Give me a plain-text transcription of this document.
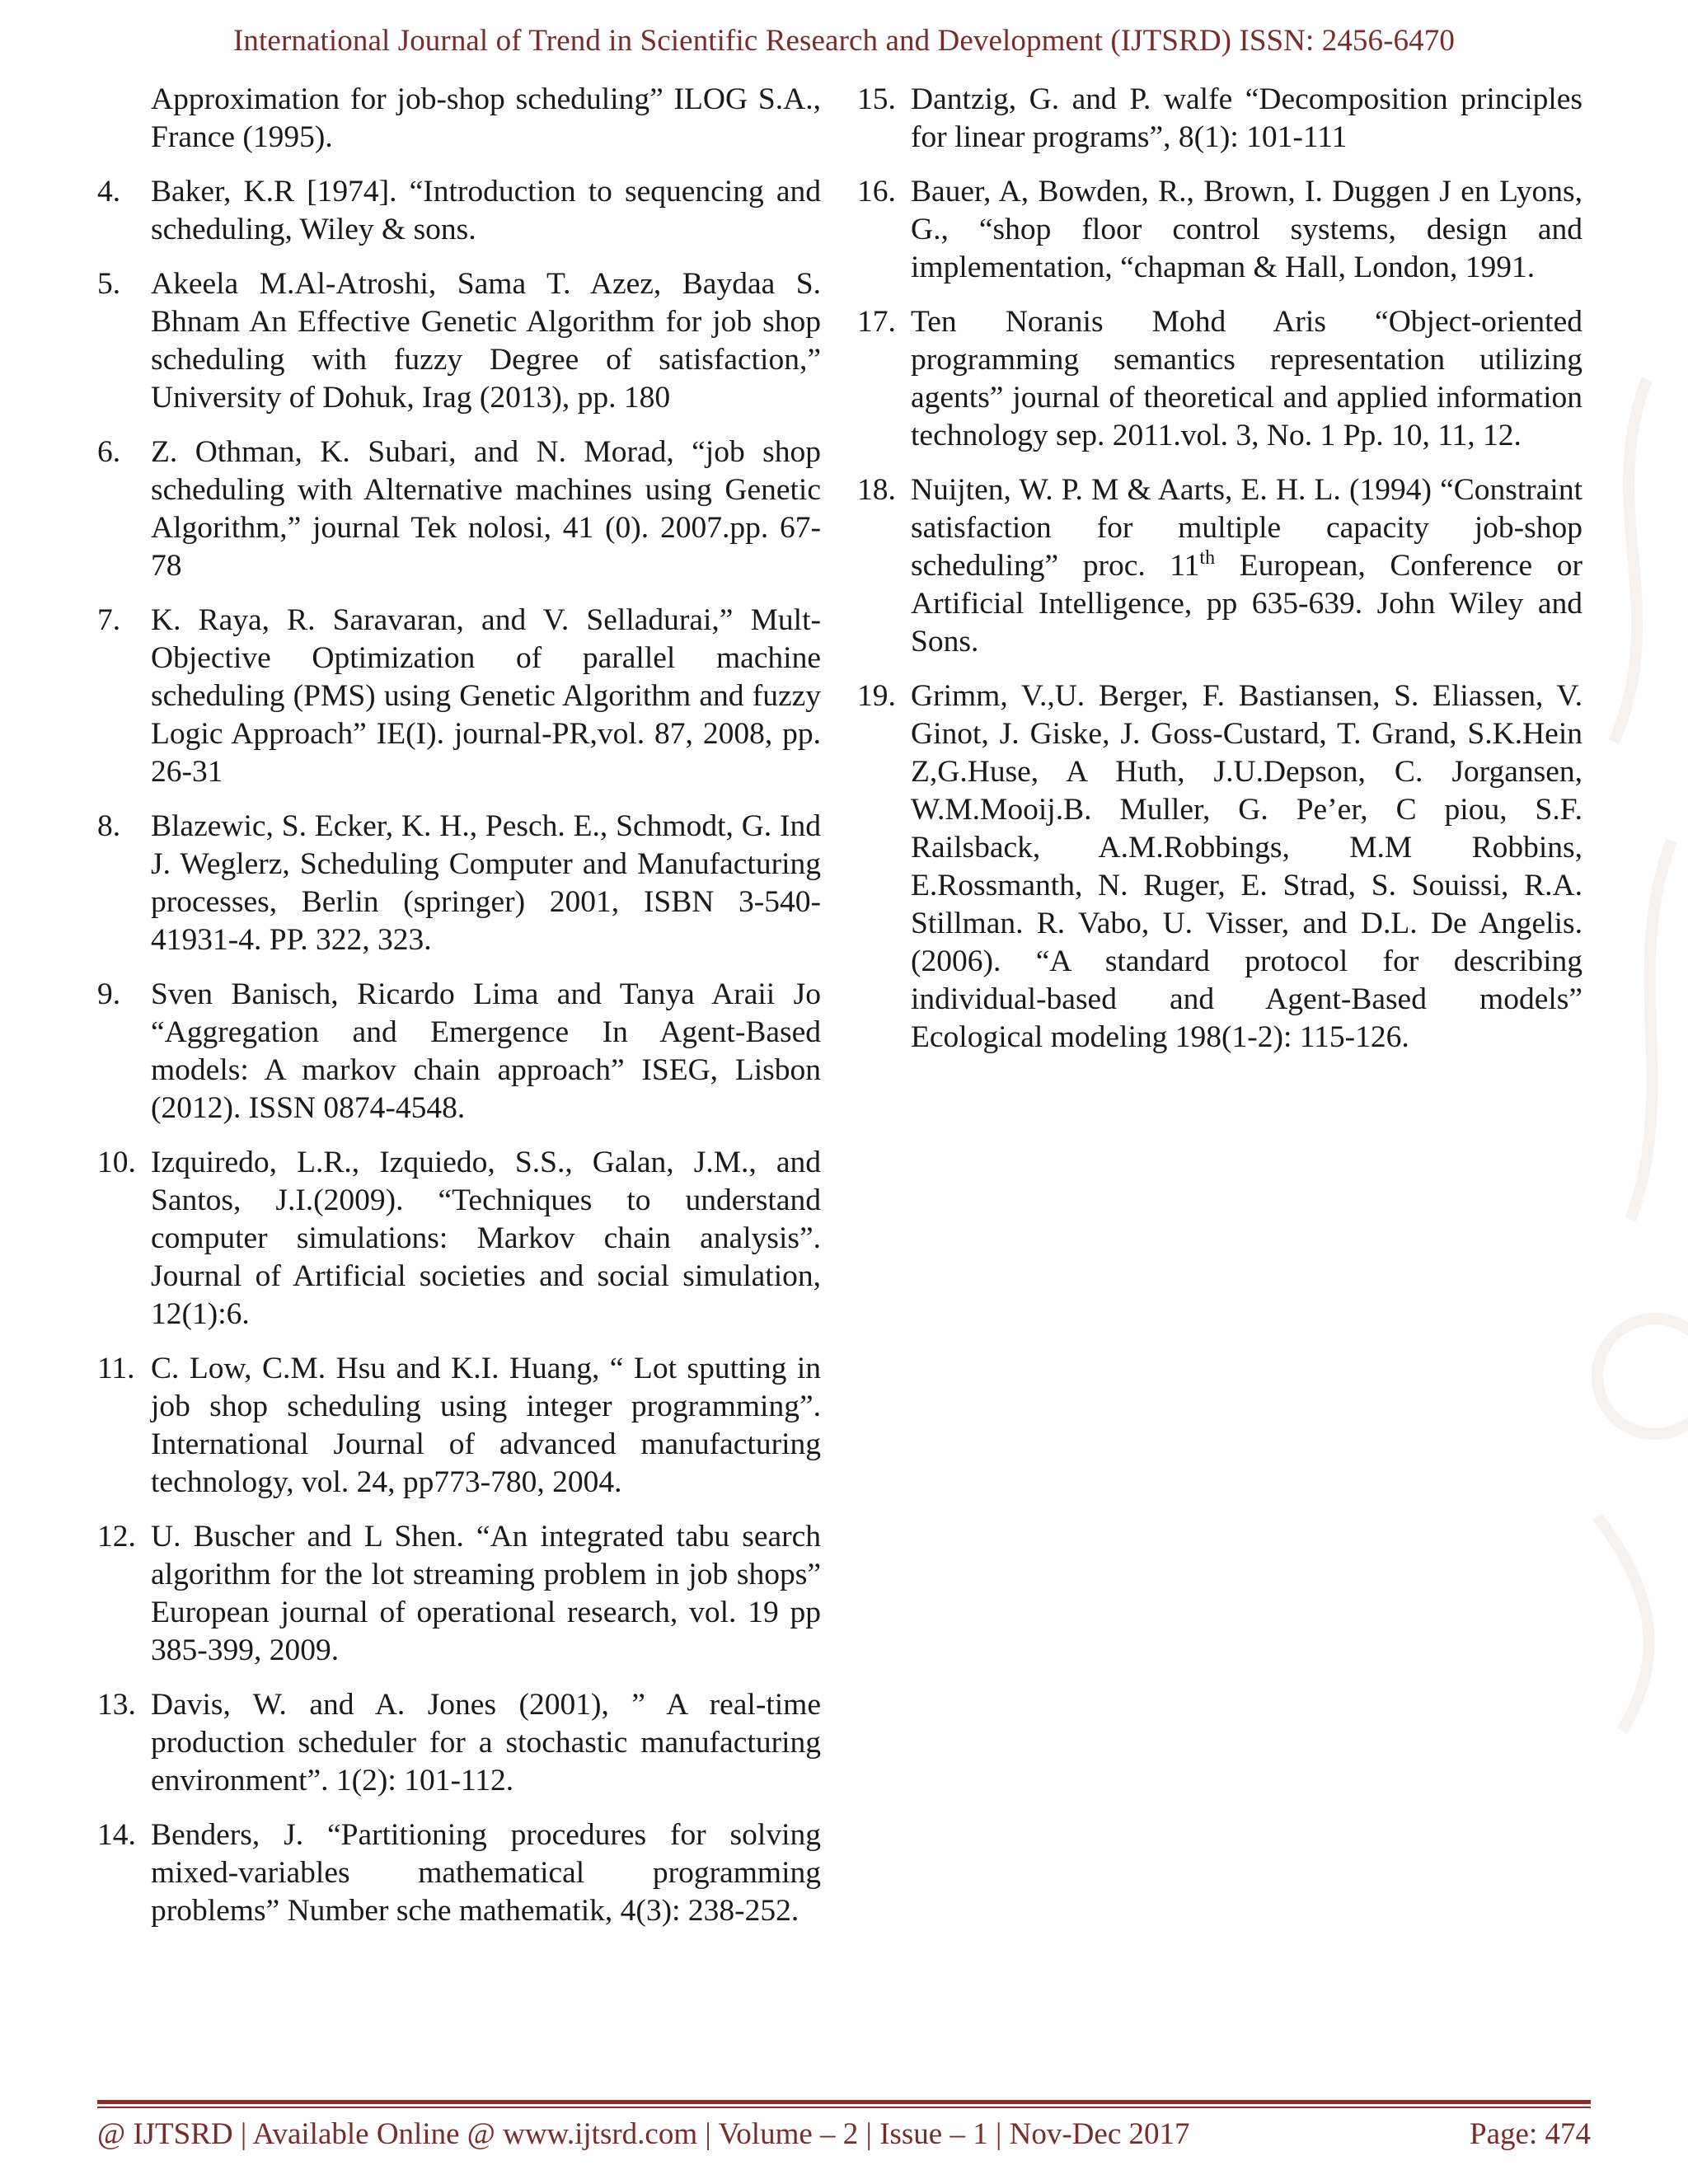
International Journal of Trend in Scientific Research and Development (IJTSRD) ISSN: 2456-6470

Approximation for job-shop scheduling” ILOG S.A., France (1995).

4. Baker, K.R [1974]. “Introduction to sequencing and scheduling, Wiley & sons.

5. Akeela M.Al-Atroshi, Sama T. Azez, Baydaa S. Bhnam An Effective Genetic Algorithm for job shop scheduling with fuzzy Degree of satisfaction,” University of Dohuk, Irag (2013), pp. 180

6. Z. Othman, K. Subari, and N. Morad, “job shop scheduling with Alternative machines using Genetic Algorithm,” journal Tek nolosi, 41 (0). 2007.pp. 67-78

7. K. Raya, R. Saravaran, and V. Selladurai,” Mult-Objective Optimization of parallel machine scheduling (PMS) using Genetic Algorithm and fuzzy Logic Approach” IE(I). journal-PR,vol. 87, 2008, pp. 26-31

8. Blazewic, S. Ecker, K. H., Pesch. E., Schmodt, G. Ind J. Weglerz, Scheduling Computer and Manufacturing processes, Berlin (springer) 2001, ISBN 3-540-41931-4. PP. 322, 323.

9. Sven Banisch, Ricardo Lima and Tanya Araii Jo “Aggregation and Emergence In Agent-Based models: A markov chain approach” ISEG, Lisbon (2012). ISSN 0874-4548.

10. Izquiredo, L.R., Izquiedo, S.S., Galan, J.M., and Santos, J.I.(2009). “Techniques to understand computer simulations: Markov chain analysis”. Journal of Artificial societies and social simulation, 12(1):6.

11. C. Low, C.M. Hsu and K.I. Huang, “ Lot sputting in job shop scheduling using integer programming”. International Journal of advanced manufacturing technology, vol. 24, pp773-780, 2004.

12. U. Buscher and L Shen. “An integrated tabu search algorithm for the lot streaming problem in job shops” European journal of operational research, vol. 19 pp 385-399, 2009.

13. Davis, W. and A. Jones (2001), ” A real-time production scheduler for a stochastic manufacturing environment”. 1(2): 101-112.

14. Benders, J. “Partitioning procedures for solving mixed-variables mathematical programming problems” Number sche mathematik, 4(3): 238-252.

15. Dantzig, G. and P. walfe “Decomposition principles for linear programs”, 8(1): 101-111

16. Bauer, A, Bowden, R., Brown, I. Duggen J en Lyons, G., “shop floor control systems, design and implementation, “chapman & Hall, London, 1991.

17. Ten Noranis Mohd Aris “Object-oriented programming semantics representation utilizing agents” journal of theoretical and applied information technology sep. 2011.vol. 3, No. 1 Pp. 10, 11, 12.

18. Nuijten, W. P. M & Aarts, E. H. L. (1994) “Constraint satisfaction for multiple capacity job-shop scheduling” proc. 11th European, Conference or Artificial Intelligence, pp 635-639. John Wiley and Sons.

19. Grimm, V.,U. Berger, F. Bastiansen, S. Eliassen, V. Ginot, J. Giske, J. Goss-Custard, T. Grand, S.K.Hein Z,G.Huse, A Huth, J.U.Depson, C. Jorgansen, W.M.Mooij.B. Muller, G. Pe’er, C piou, S.F. Railsback, A.M.Robbings, M.M Robbins, E.Rossmanth, N. Ruger, E. Strad, S. Souissi, R.A. Stillman. R. Vabo, U. Visser, and D.L. De Angelis. (2006). “A standard protocol for describing individual-based and Agent-Based models” Ecological modeling 198(1-2): 115-126.

@ IJTSRD | Available Online @ www.ijtsrd.com | Volume – 2 | Issue – 1 | Nov-Dec 2017	Page: 474
